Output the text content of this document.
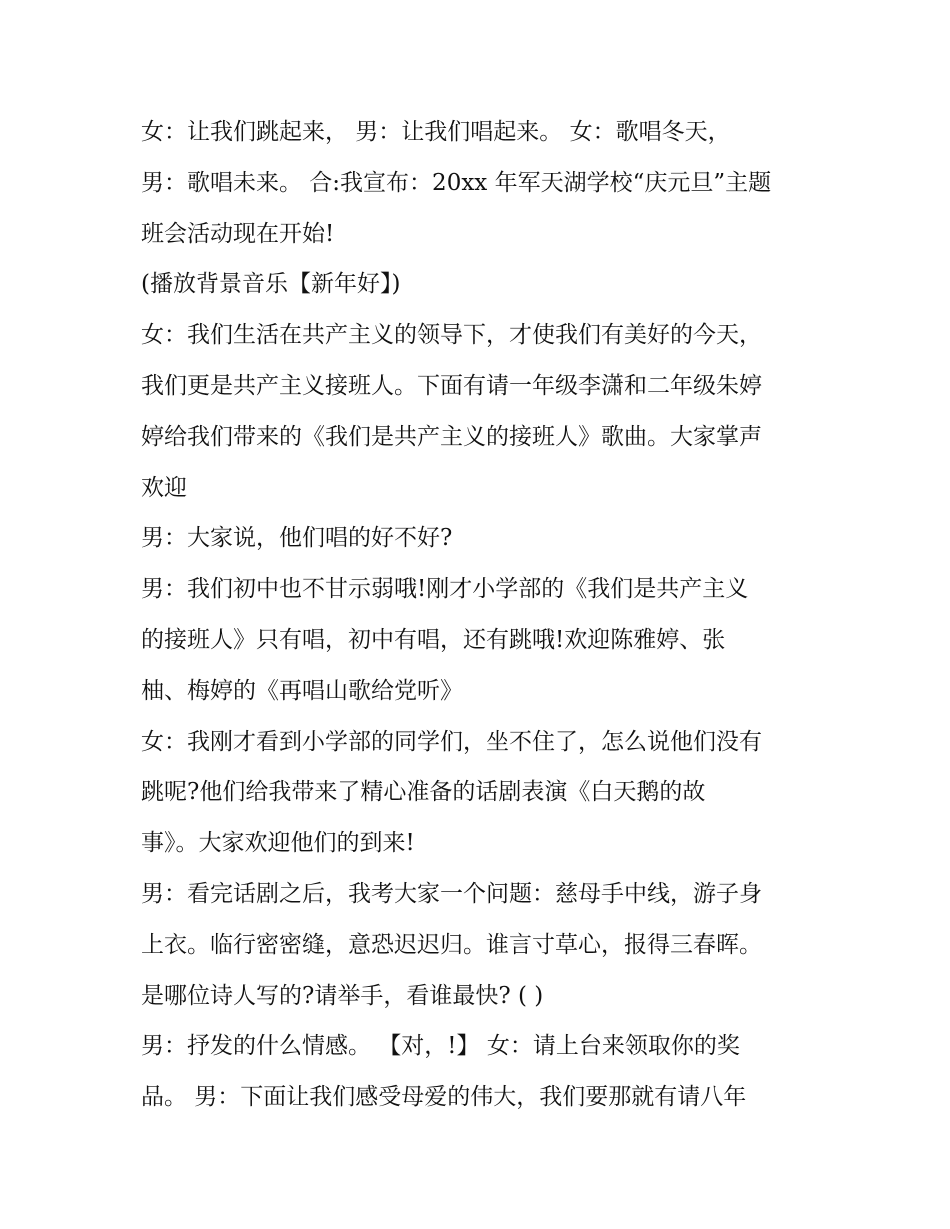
女：让我们跳起来， 男：让我们唱起来。 女：歌唱冬天，
男：歌唱未来。 合:我宣布：20xx 年军天湖学校“庆元旦”主题
班会活动现在开始!
(播放背景音乐【新年好】)
女：我们生活在共产主义的领导下，才使我们有美好的今天，
我们更是共产主义接班人。下面有请一年级李潇和二年级朱婷
婷给我们带来的《我们是共产主义的接班人》歌曲。大家掌声
欢迎
男：大家说，他们唱的好不好?
男：我们初中也不甘示弱哦!刚才小学部的《我们是共产主义
的接班人》只有唱，初中有唱，还有跳哦!欢迎陈雅婷、张
柚、梅婷的《再唱山歌给党听》
女：我刚才看到小学部的同学们，坐不住了，怎么说他们没有
跳呢?他们给我带来了精心准备的话剧表演《白天鹅的故
事》。大家欢迎他们的到来!
男：看完话剧之后，我考大家一个问题：慈母手中线，游子身
上衣。临行密密缝，意恐迟迟归。谁言寸草心，报得三春晖。
是哪位诗人写的?请举手，看谁最快? ( )
男：抒发的什么情感。 【对，!】 女：请上台来领取你的奖
品。 男：下面让我们感受母爱的伟大，我们要那就有请八年
